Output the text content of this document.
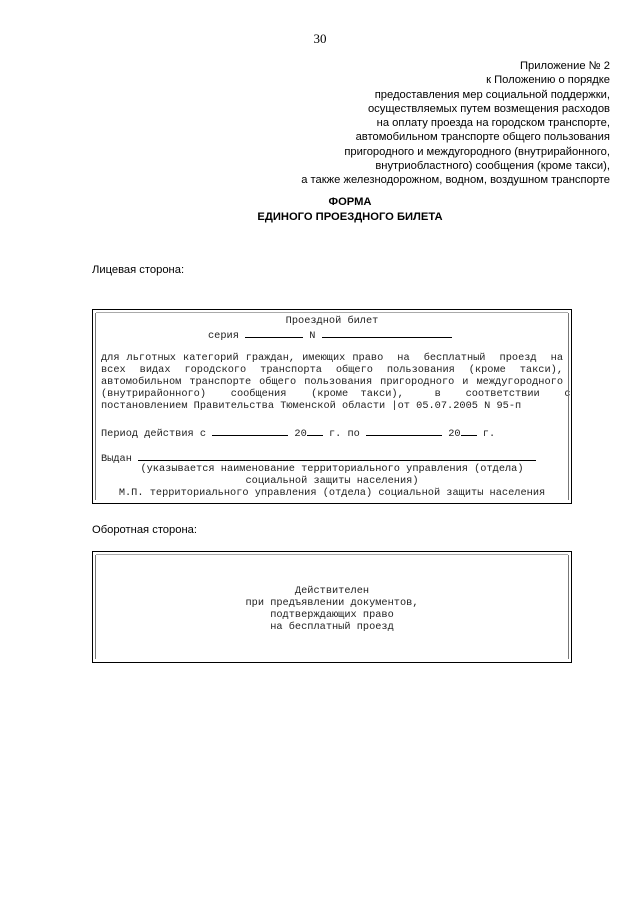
30
Приложение № 2
к Положению о порядке
предоставления мер социальной поддержки,
осуществляемых путем возмещения расходов
на оплату проезда на городском транспорте,
автомобильном транспорте общего пользования
пригородного и междугородного (внутрирайонного,
внутриобластного) сообщения (кроме такси),
а также железнодорожном, водном, воздушном транспорте
ФОРМА
ЕДИНОГО ПРОЕЗДНОГО БИЛЕТА
Лицевая сторона:
Проездной билет
серия	N
для льготных категорий граждан, имеющих право  на  бесплатный  проезд  на
всех  видах  городского  транспорта  общего  пользования  (кроме  такси),
автомобильном транспорте общего пользования пригородного и междугородного
(внутрирайонного)    сообщения    (кроме  такси),     в    соответствии    с
постановлением Правительства Тюменской области |от 05.07.2005 N 95-п
Период действия с	20 г. по	20 г.
Выдан
(указывается наименование территориального управления (отдела)
социальной защиты населения)
М.П. территориального управления (отдела) социальной защиты населения
Оборотная сторона:
Действителен
при предъявлении документов,
подтверждающих право
на бесплатный проезд
